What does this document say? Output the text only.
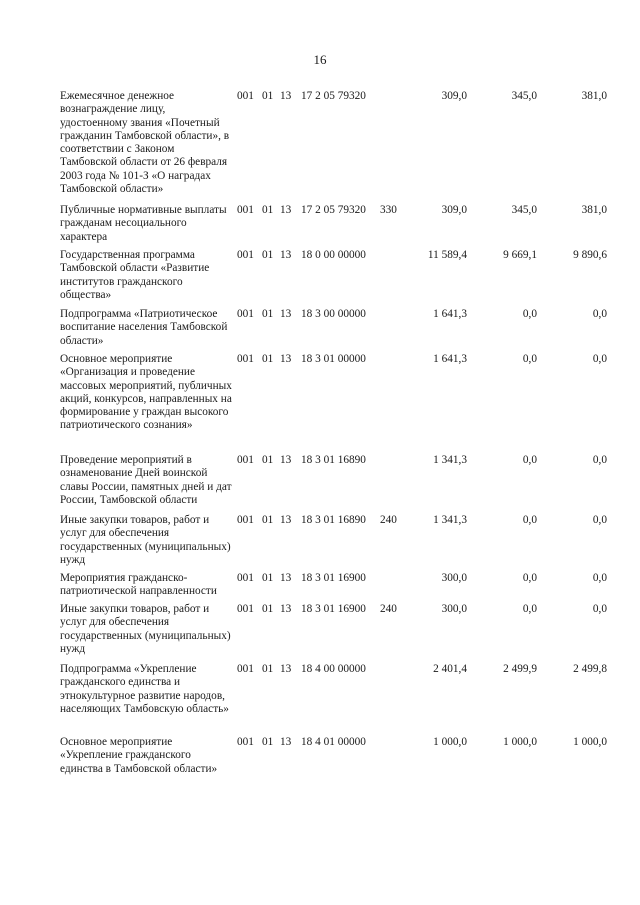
16
Ежемесячное денежное вознаграждение лицу, удостоенному звания «Почетный гражданин Тамбовской области», в соответствии с Законом Тамбовской области от 26 февраля 2003 года № 101-З «О наградах Тамбовской области»
001 01 13 17 2 05 79320	309,0	345,0	381,0
Публичные нормативные выплаты гражданам несоциального характера
001 01 13 17 2 05 79320 330	309,0	345,0	381,0
Государственная программа Тамбовской области «Развитие институтов гражданского общества»
001 01 13 18 0 00 00000	11 589,4	9 669,1	9 890,6
Подпрограмма «Патриотическое воспитание населения Тамбовской области»
001 01 13 18 3 00 00000	1 641,3	0,0	0,0
Основное мероприятие «Организация и проведение массовых мероприятий, публичных акций, конкурсов, направленных на формирование у граждан высокого патриотического сознания»
001 01 13 18 3 01 00000	1 641,3	0,0	0,0
Проведение мероприятий в ознаменование Дней воинской славы России, памятных дней и дат России, Тамбовской области
001 01 13 18 3 01 16890	1 341,3	0,0	0,0
Иные закупки товаров, работ и услуг для обеспечения государственных (муниципальных) нужд
001 01 13 18 3 01 16890 240	1 341,3	0,0	0,0
Мероприятия гражданско-патриотической направленности
001 01 13 18 3 01 16900	300,0	0,0	0,0
Иные закупки товаров, работ и услуг для обеспечения государственных (муниципальных) нужд
001 01 13 18 3 01 16900 240	300,0	0,0	0,0
Подпрограмма «Укрепление гражданского единства и этнокультурное развитие народов, населяющих Тамбовскую область»
001 01 13 18 4 00 00000	2 401,4	2 499,9	2 499,8
Основное мероприятие «Укрепление гражданского единства в Тамбовской области»
001 01 13 18 4 01 00000	1 000,0	1 000,0	1 000,0
